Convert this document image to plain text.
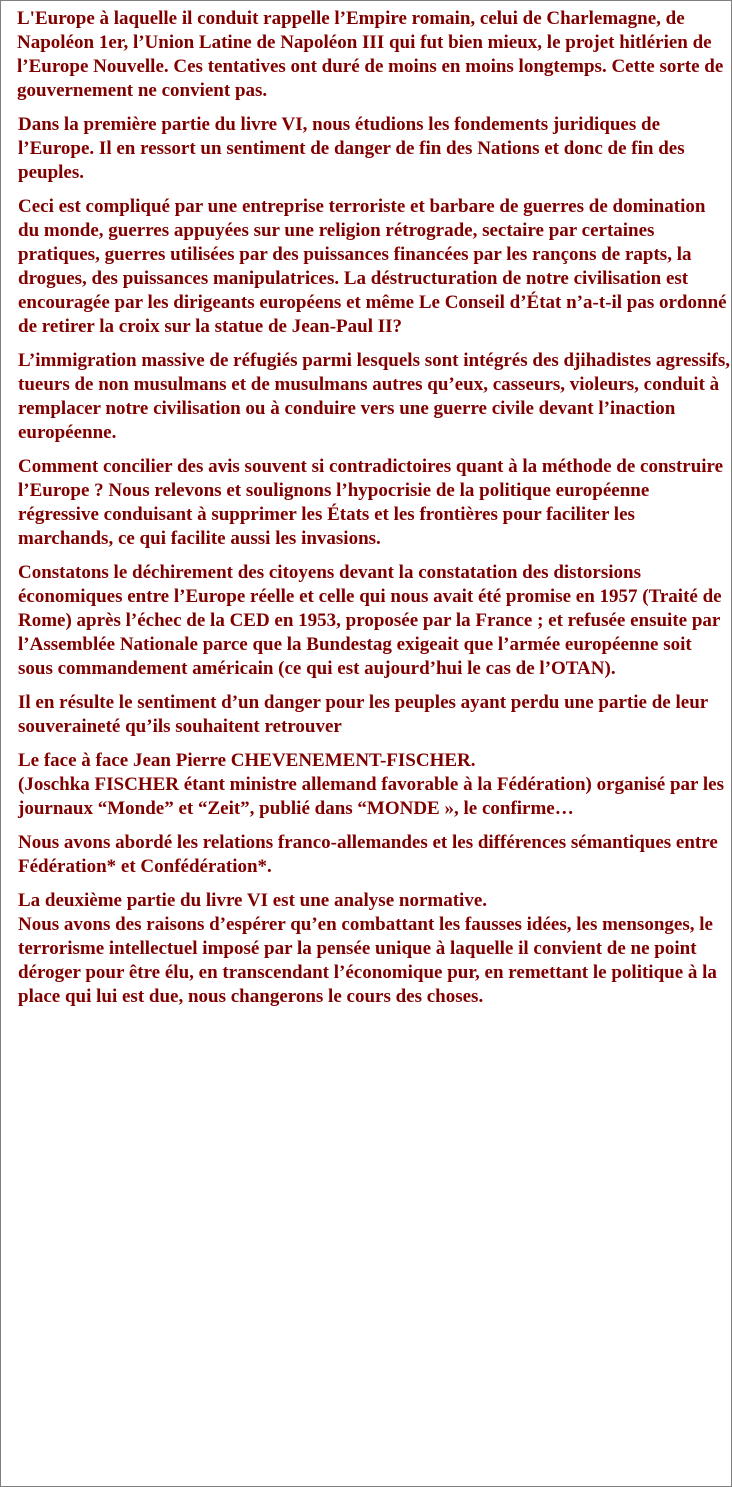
L'Europe à laquelle il conduit rappelle l’Empire romain, celui de Charlemagne, de Napoléon 1er, l’Union Latine de Napoléon III qui fut bien mieux, le projet hitlérien de l’Europe Nouvelle. Ces tentatives ont duré de moins en moins longtemps. Cette sorte de gouvernement ne convient pas.

Dans la première partie du livre VI, nous étudions les fondements juridiques de l’Europe. Il en ressort un sentiment de danger de fin des Nations et donc de fin des peuples.

Ceci est compliqué par une entreprise terroriste et barbare de guerres de domination du monde, guerres appuyées sur une religion rétrograde, sectaire par certaines pratiques, guerres utilisées par des puissances financées par les rançons de rapts, la drogues, des puissances manipulatrices. La déstructuration de notre civilisation est encouragée par les dirigeants européens et même Le Conseil d’État n’a-t-il pas ordonné de retirer la croix sur la statue de Jean-Paul II?

L’immigration massive de réfugiés parmi lesquels sont intégrés des djihadistes agressifs, tueurs de non musulmans et de musulmans autres qu’eux, casseurs, violeurs, conduit à remplacer notre civilisation ou à conduire vers une guerre civile devant l’inaction européenne.

Comment concilier des avis souvent si contradictoires quant à la méthode de construire l’Europe ? Nous relevons et soulignons l’hypocrisie de la politique européenne régressive conduisant à supprimer les États et les frontières pour faciliter les marchands, ce qui facilite aussi les invasions.

Constatons le déchirement des citoyens devant la constatation des distorsions économiques entre l’Europe réelle et celle qui nous avait été promise en 1957 (Traité de Rome) après l’échec de la CED en 1953, proposée par la France ; et refusée ensuite par l’Assemblée Nationale parce que la Bundestag exigeait que l’armée européenne soit sous commandement américain (ce qui est aujourd’hui le cas de l’OTAN).

Il en résulte le sentiment d’un danger pour les peuples ayant perdu une partie de leur souveraineté qu’ils souhaitent retrouver

Le face à face Jean Pierre CHEVENEMENT-FISCHER.
(Joschka FISCHER étant ministre allemand favorable à la Fédération) organisé par les journaux “Monde” et “Zeit”, publié dans “MONDE », le confirme…

Nous avons abordé les relations franco-allemandes et les différences sémantiques entre Fédération* et Confédération*.

La deuxième partie du livre VI est une analyse normative.
Nous avons des raisons d’espérer qu’en combattant les fausses idées, les mensonges, le terrorisme intellectuel imposé par la pensée unique à laquelle il convient de ne point déroger pour être élu, en transcendant l’économique pur, en remettant le politique à la place qui lui est due, nous changerons le cours des choses.
